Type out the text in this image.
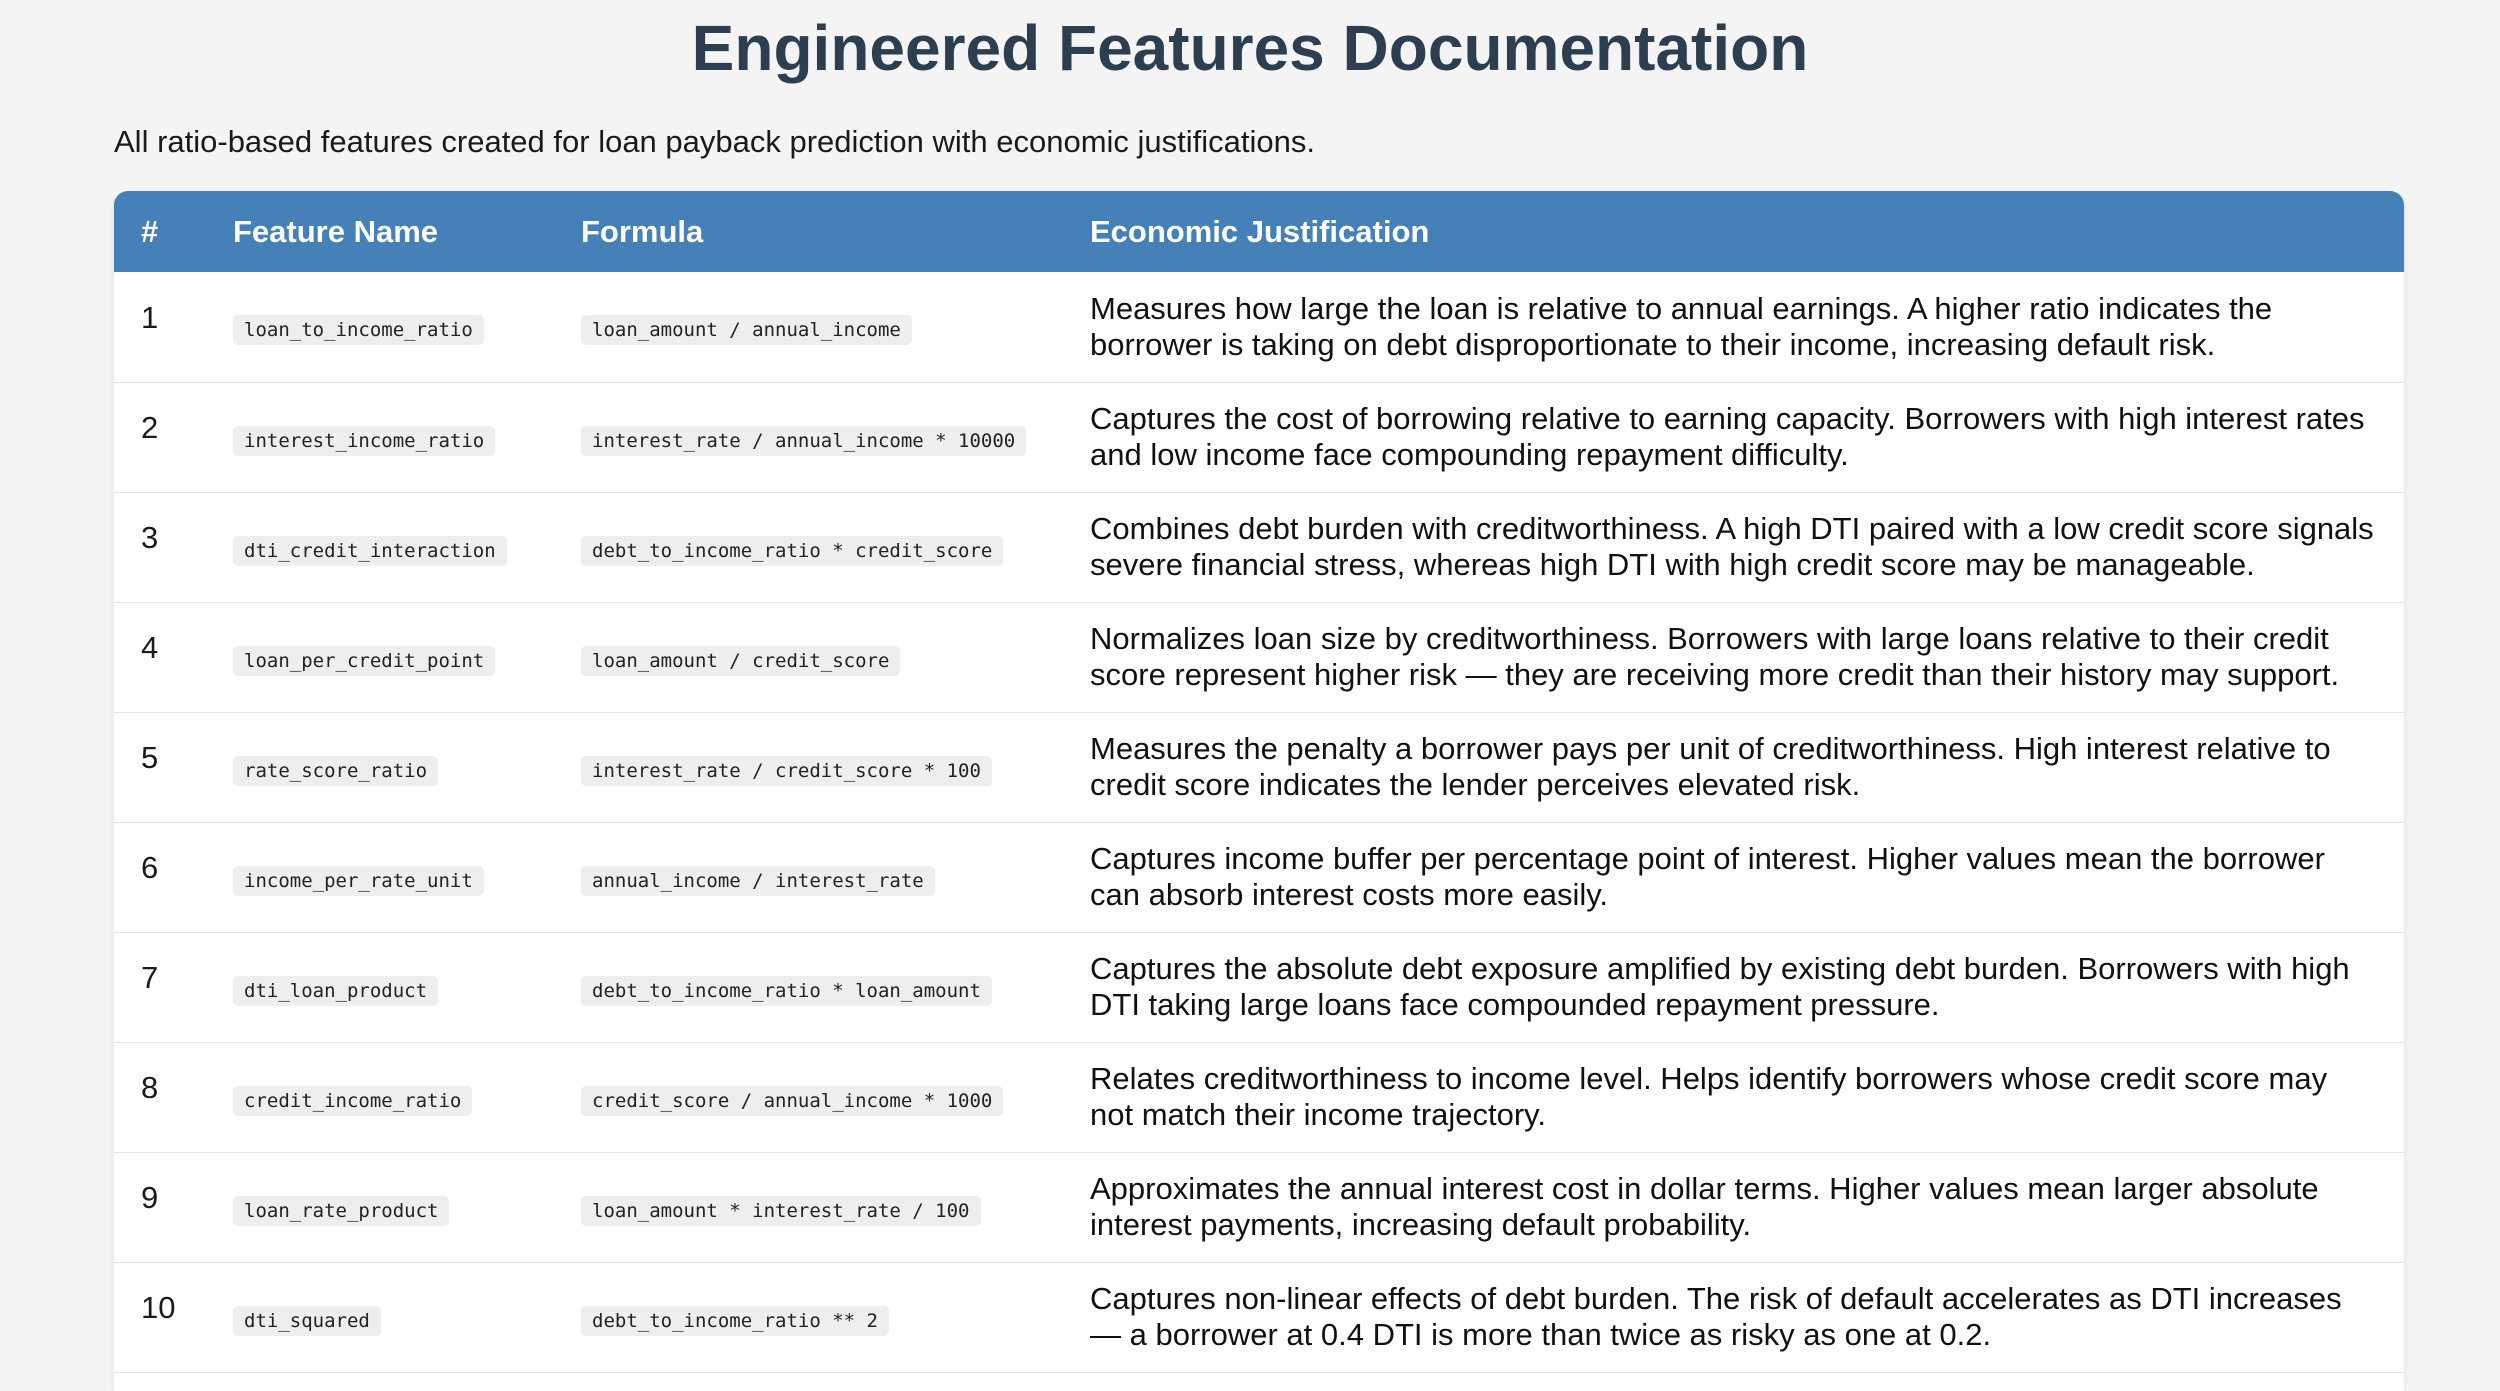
Engineered Features Documentation

All ratio-based features created for loan payback prediction with economic justifications.

#	Feature Name	Formula	Economic Justification
1	loan_to_income_ratio	loan_amount / annual_income	Measures how large the loan is relative to annual earnings. A higher ratio indicates the borrower is taking on debt disproportionate to their income, increasing default risk.
2	interest_income_ratio	interest_rate / annual_income * 10000	Captures the cost of borrowing relative to earning capacity. Borrowers with high interest rates and low income face compounding repayment difficulty.
3	dti_credit_interaction	debt_to_income_ratio * credit_score	Combines debt burden with creditworthiness. A high DTI paired with a low credit score signals severe financial stress, whereas high DTI with high credit score may be manageable.
4	loan_per_credit_point	loan_amount / credit_score	Normalizes loan size by creditworthiness. Borrowers with large loans relative to their credit score represent higher risk — they are receiving more credit than their history may support.
5	rate_score_ratio	interest_rate / credit_score * 100	Measures the penalty a borrower pays per unit of creditworthiness. High interest relative to credit score indicates the lender perceives elevated risk.
6	income_per_rate_unit	annual_income / interest_rate	Captures income buffer per percentage point of interest. Higher values mean the borrower can absorb interest costs more easily.
7	dti_loan_product	debt_to_income_ratio * loan_amount	Captures the absolute debt exposure amplified by existing debt burden. Borrowers with high DTI taking large loans face compounded repayment pressure.
8	credit_income_ratio	credit_score / annual_income * 1000	Relates creditworthiness to income level. Helps identify borrowers whose credit score may not match their income trajectory.
9	loan_rate_product	loan_amount * interest_rate / 100	Approximates the annual interest cost in dollar terms. Higher values mean larger absolute interest payments, increasing default probability.
10	dti_squared	debt_to_income_ratio ** 2	Captures non-linear effects of debt burden. The risk of default accelerates as DTI increases — a borrower at 0.4 DTI is more than twice as risky as one at 0.2.
